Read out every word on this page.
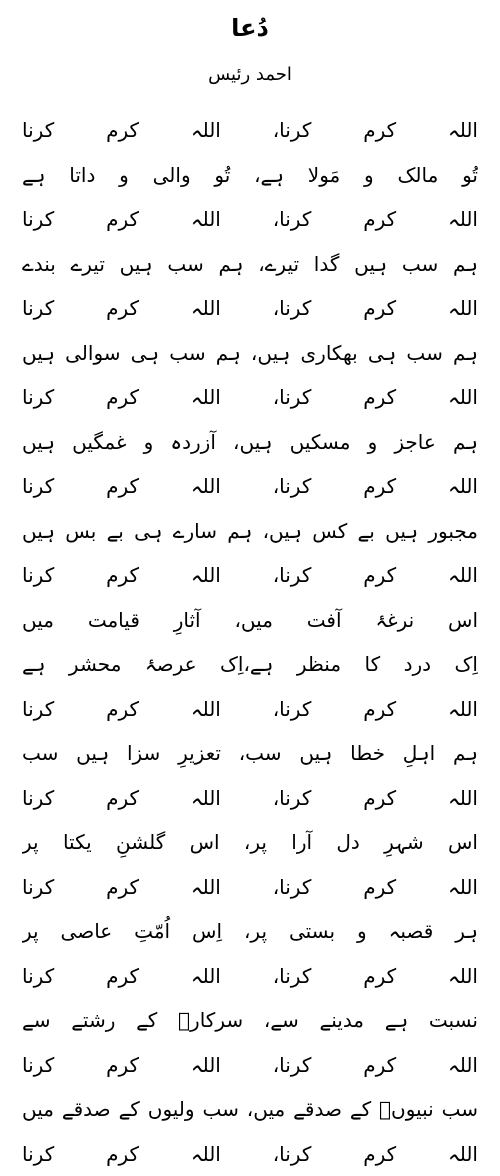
دُعا
احمد رئیس
اللہ کرم کرنا، اللہ کرم کرنا
تُو مالک و مَولا ہے، تُو والی و داتا ہے
اللہ کرم کرنا، اللہ کرم کرنا
ہم سب ہیں گدا تیرے، ہم سب ہیں تیرے بندے
اللہ کرم کرنا، اللہ کرم کرنا
ہم سب ہی بھکاری ہیں، ہم سب ہی سوالی ہیں
اللہ کرم کرنا، اللہ کرم کرنا
ہم عاجز و مسکیں ہیں، آزردہ و غمگیں ہیں
اللہ کرم کرنا، اللہ کرم کرنا
مجبور ہیں بے کس ہیں، ہم سارے ہی بے بس ہیں
اللہ کرم کرنا، اللہ کرم کرنا
اس نرغۂ آفت میں، آثارِ قیامت میں
اِک درد کا منظر ہے،اِک عرصۂ محشر ہے
اللہ کرم کرنا، اللہ کرم کرنا
ہم اہلِ خطا ہیں سب، تعزیرِ سزا ہیں سب
اللہ کرم کرنا، اللہ کرم کرنا
اس شہرِ دل آرا پر، اس گلشنِ یکتا پر
اللہ کرم کرنا، اللہ کرم کرنا
ہر قصبہ و بستی پر، اِس اُمّتِ عاصی پر
اللہ کرم کرنا، اللہ کرم کرنا
نسبت ہے مدینے سے، سرکارؐ کے رشتے سے
اللہ کرم کرنا، اللہ کرم کرنا
سب نبیوںؑ کے صدقے میں، سب ولیوں کے صدقے میں
اللہ کرم کرنا، اللہ کرم کرنا
